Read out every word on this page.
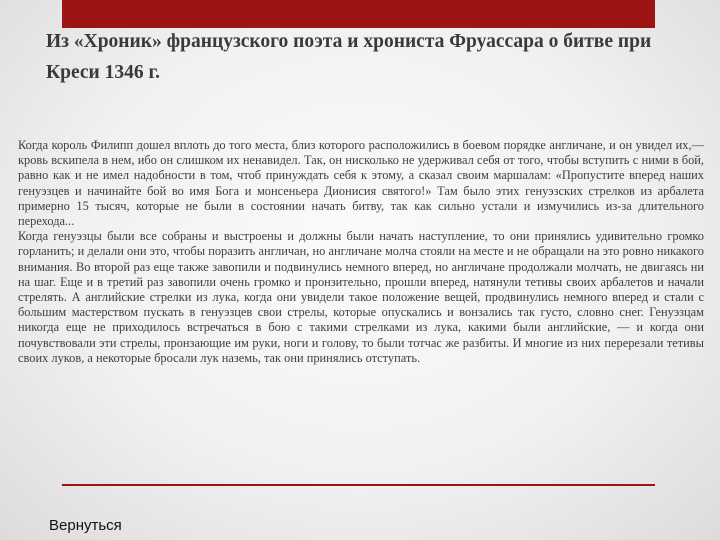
Из «Хроник» французского поэта и хрониста Фруассара о битве при Креси 1346 г.

Когда король Филипп дошел вплоть до того места, близ которого расположились в боевом порядке англичане, и он увидел их,— кровь вскипела в нем, ибо он слишком их ненавидел. Так, он нисколько не удерживал себя от того, чтобы вступить с ними в бой, равно как и не имел надобности в том, чтоб принуждать себя к этому, а сказал своим маршалам: «Пропустите вперед наших генуэзцев и начинайте бой во имя Бога и монсеньера Дионисия святого!» Там было этих генуэзских стрелков из арбалета примерно 15 тысяч, которые не были в состоянии начать битву, так как сильно устали и измучились из-за длительного перехода...

Когда генуэзцы были все собраны и выстроены и должны были начать наступление, то они принялись удивительно громко горланить; и делали они это, чтобы поразить англичан, но англичане молча стояли на месте и не обращали на это ровно никакого внимания. Во второй раз еще также завопили и подвинулись немного вперед, но англичане продолжали молчать, не двигаясь ни на шаг. Еще и в третий раз завопили очень громко и пронзительно, прошли вперед, натянули тетивы своих арбалетов и начали стрелять. А английские стрелки из лука, когда они увидели такое положение вещей, продвинулись немного вперед и стали с большим мастерством пускать в генуэзцев свои стрелы, которые опускались и вонзались так густо, словно снег. Генуэзцам никогда еще не приходилось встречаться в бою с такими стрелками из лука, какими были английские, — и когда они почувствовали эти стрелы, пронзающие им руки, ноги и голову, то были тотчас же разбиты. И многие из них перерезали тетивы своих луков, а некоторые бросали лук наземь, так они принялись отступать.

Вернуться
